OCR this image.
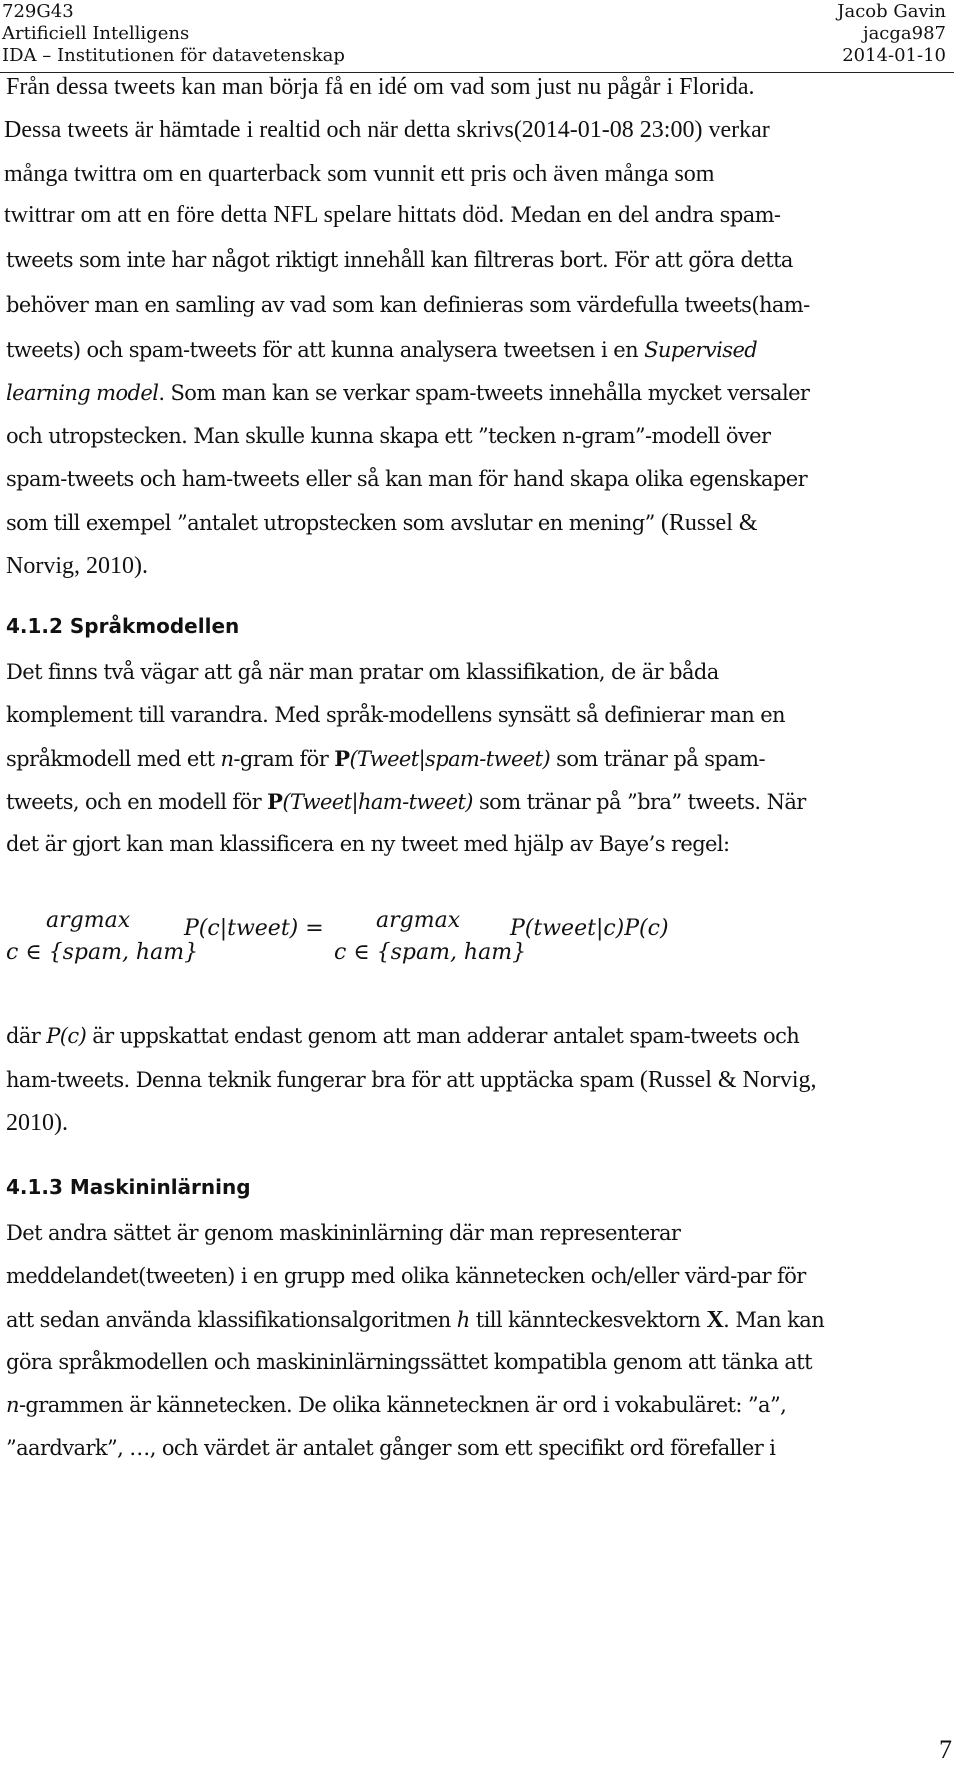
729G43
Artificiell Intelligens
IDA – Institutionen för datavetenskap
Jacob Gavin
jacga987
2014-01-10
Från dessa tweets kan man börja få en idé om vad som just nu pågår i Florida.
Dessa tweets är hämtade i realtid och när detta skrivs(2014-01-08 23:00) verkar
många twittra om en quarterback som vunnit ett pris och även många som
twittrar om att en före detta NFL spelare hittats död. Medan en del andra spam-
tweets som inte har något riktigt innehåll kan filtreras bort. För att göra detta
behöver man en samling av vad som kan definieras som värdefulla tweets(ham-
tweets) och spam-tweets för att kunna analysera tweetsen i en Supervised
learning model. Som man kan se verkar spam-tweets innehålla mycket versaler
och utropstecken. Man skulle kunna skapa ett ”tecken n-gram”-modell över
spam-tweets och ham-tweets eller så kan man för hand skapa olika egenskaper
som till exempel ”antalet utropstecken som avslutar en mening” (Russel &
Norvig, 2010).
4.1.2 Språkmodellen
Det finns två vägar att gå när man pratar om klassifikation, de är båda
komplement till varandra. Med språk-modellens synsätt så definierar man en
språkmodell med ett n-gram för P(Tweet|spam-tweet) som tränar på spam-
tweets, och en modell för P(Tweet|ham-tweet) som tränar på ”bra” tweets. När
det är gjort kan man klassificera en ny tweet med hjälp av Baye’s regel:
argmax P(c|tweet) =
c ∈ {spam, ham}
argmax P(tweet|c)P(c)
c ∈ {spam, ham}
där P(c) är uppskattat endast genom att man adderar antalet spam-tweets och
ham-tweets. Denna teknik fungerar bra för att upptäcka spam (Russel & Norvig,
2010).
4.1.3 Maskininlärning
Det andra sättet är genom maskininlärning där man representerar
meddelandet(tweeten) i en grupp med olika kännetecken och/eller värd-par för
att sedan använda klassifikationsalgoritmen h till kännteckesvektorn X. Man kan
göra språkmodellen och maskininlärningssättet kompatibla genom att tänka att
n-grammen är kännetecken. De olika kännetecknen är ord i vokabuläret: ”a”,
”aardvark”, …, och värdet är antalet gånger som ett specifikt ord förefaller i
7
